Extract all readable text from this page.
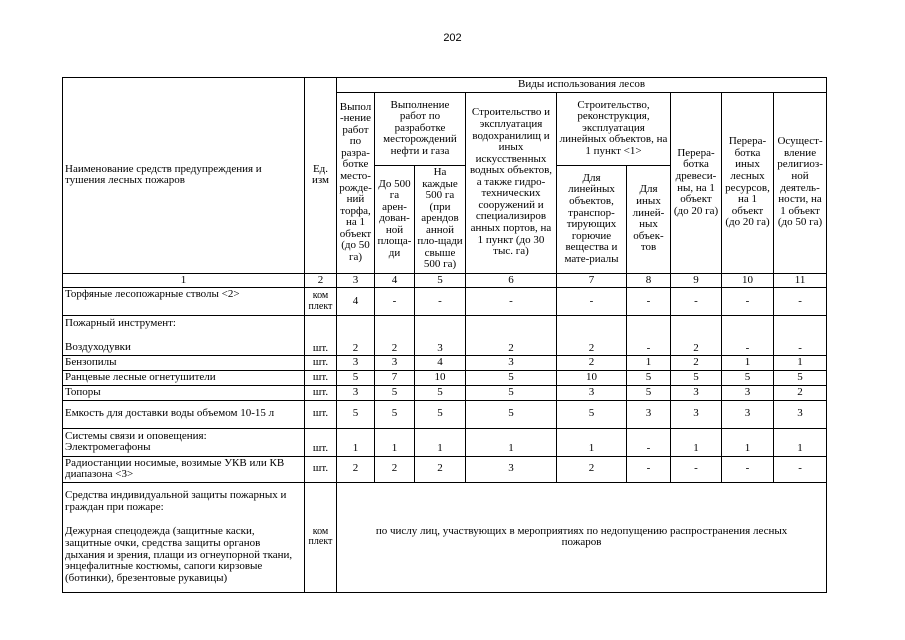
202
Наименование средств предупреждения и тушения лесных пожаров	Ед. изм	Виды использования лесов								
		Выпол-нение работ по разра-ботке место-рожде-ний торфа, на 1 объект (до 50 га)	Выполнение работ по разработке месторождений нефти и газа		Строительство и эксплуатация водохранилищ и иных искусственных водных объектов, а также гидро-технических сооружений и специализиров анных портов, на 1 пункт (до 30 тыс. га)	Строительство, реконструкция, эксплуатация линейных объектов, на 1 пункт <1>		Перера-ботка древеси-ны, на 1 объект (до 20 га)	Перера-ботка иных лесных ресурсов, на 1 объект (до 20 га)	Осущест-вление религиоз-ной деятель-ности, на 1 объект (до 50 га)
			До 500 га арен-дован-ной площа-ди	На каждые 500 га (при арендов анной пло-щади свыше 500 га)		Для линейных объектов, транспор-тирующих горючие вещества и мате-риалы	Для иных линей-ных объек-тов			
1	2	3	4	5	6	7	8	9	10	11
Торфяные лесопожарные стволы <2>	ком плект	4	-	-	-	-	-	-	-	-

Пожарный инструмент:
Воздуходувки	шт.	2	2	3	2	2	-	2	-	-
Бензопилы	шт.	3	3	4	3	2	1	2	1	1
Ранцевые лесные огнетушители	шт.	5	7	10	5	10	5	5	5	5
Топоры	шт.	3	5	5	5	3	5	3	3	2
Емкость для доставки воды объемом 10-15 л	шт.	5	5	5	5	5	3	3	3	3

Системы связи и оповещения:
Электромегафоны	шт.	1	1	1	1	1	-	1	1	1
Радиостанции носимые, возимые УКВ или КВ диапазона <3>	шт.	2	2	2	3	2	-	-	-	-

Средства индивидуальной защиты пожарных и граждан при пожаре:
Дежурная спецодежда (защитные каски, защитные очки, средства защиты органов дыхания и зрения, плащи из огнеупорной ткани, энцефалитные костюмы, сапоги кирзовые (ботинки), брезентовые рукавицы)	ком плект	по числу лиц, участвующих в мероприятиях по недопущению распространения лесных пожаров								
